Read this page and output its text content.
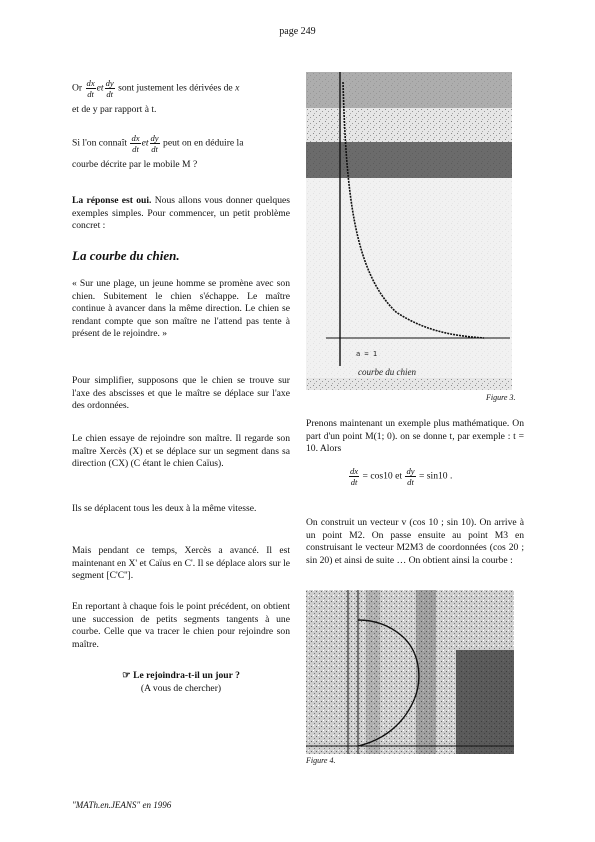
page 249

Or $\frac{dx}{dt}$ et $\frac{dy}{dt}$ sont justement les dérivées de x

et de y par rapport à t.

Si l'on connaît $\frac{dx}{dt}$ et $\frac{dy}{dt}$ peut on en déduire la

courbe décrite par le mobile M ?

La réponse est oui. Nous allons vous donner quelques exemples simples. Pour commencer, un petit problème concret :

La courbe du chien.
« Sur une plage, un jeune homme se promène avec son chien. Subitement le chien s'échappe. Le maître continue à avancer dans la même direction. Le chien se rendant compte que son maître ne l'attend pas tente à présent de le rejoindre. »
Pour simplifier, supposons que le chien se trouve sur l'axe des abscisses et que le maître se déplace sur l'axe des ordonnées.
Le chien essaye de rejoindre son maître. Il regarde son maître Xercès (X) et se déplace sur un segment dans sa direction (CX) (C étant le chien Caïus).
Ils se déplacent tous les deux à la même vitesse.
Mais pendant ce temps, Xercès a avancé. Il est maintenant en X' et Caïus en C'. Il se déplace alors sur le segment [C'C''].
En reportant à chaque fois le point précédent, on obtient une succession de petits segments tangents à une courbe. Celle que va tracer le chien pour rejoindre son maître.
☞ Le rejoindra-t-il un jour ?
(A vous de chercher)
"MATh.en.JEANS" en 1996
a = 1
courbe du chien
Figure 3.
Prenons maintenant un exemple plus mathématique. On part d'un point M(1; 0). on se donne t, par exemple : t = 10. Alors
$\frac{dx}{dt} = \cos 10$ et $\frac{dy}{dt} = \sin 10$ .
On construit un vecteur v (cos 10 ; sin 10). On arrive à un point M2. On passe ensuite au point M3 en construisant le vecteur M2M3 de coordonnées (cos 20 ; sin 20) et ainsi de suite … On obtient ainsi la courbe :
Figure 4.
